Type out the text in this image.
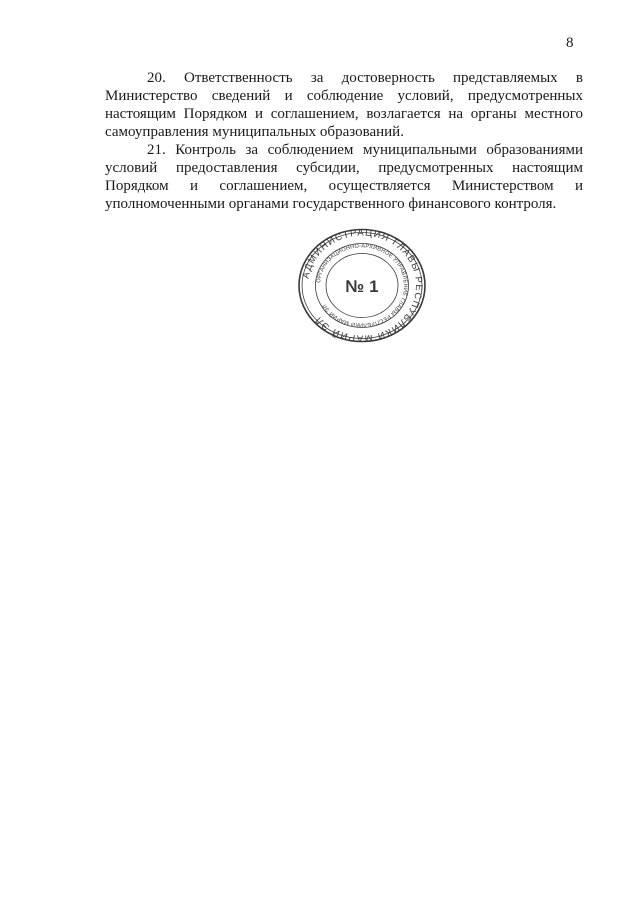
8

20. Ответственность за достоверность представляемых в Министерство сведений и соблюдение условий, предусмотренных настоящим Порядком и соглашением, возлагается на органы местного самоуправления муниципальных образований.

21. Контроль за соблюдением муниципальными образованиями условий предоставления субсидии, предусмотренных настоящим Порядком и соглашением, осуществляется Министерством и уполномоченными органами государственного финансового контроля.

АДМИНИСТРАЦИЯ ГЛАВЫ РЕСПУБЛИКИ МАРИЙ ЭЛ
ОРГАНИЗАЦИОННО-АРХИВНОЕ УПРАВЛЕНИЕ ГЛАВЫ РЕСПУБЛИКИ МАРИЙ ЭЛ
№ 1
